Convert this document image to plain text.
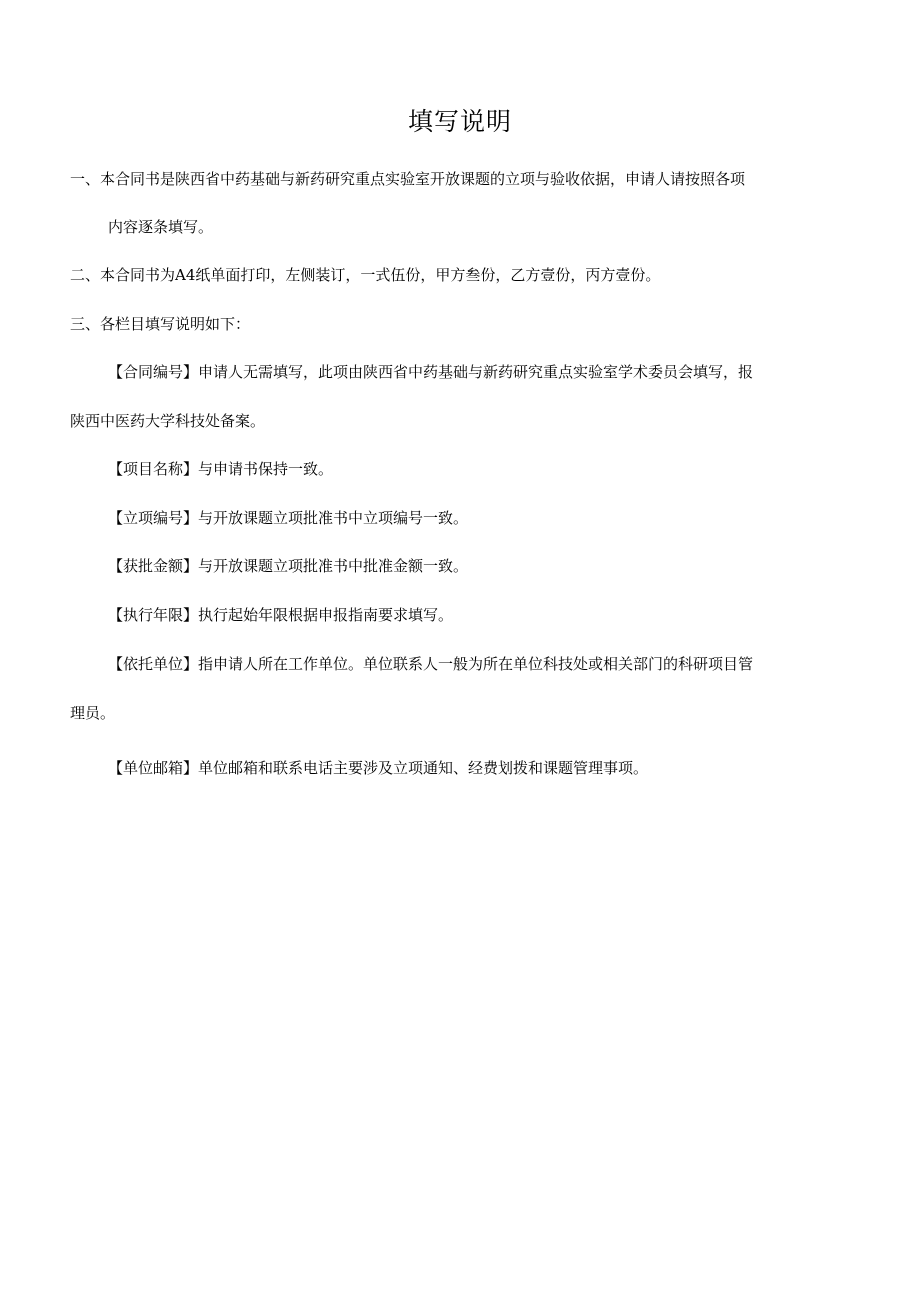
填写说明
一、本合同书是陕西省中药基础与新药研究重点实验室开放课题的立项与验收依据，申请人请按照各项
内容逐条填写。
二、本合同书为A4纸单面打印，左侧装订，一式伍份，甲方叁份，乙方壹份，丙方壹份。
三、各栏目填写说明如下：
【合同编号】申请人无需填写，此项由陕西省中药基础与新药研究重点实验室学术委员会填写，报
陕西中医药大学科技处备案。
【项目名称】与申请书保持一致。
【立项编号】与开放课题立项批准书中立项编号一致。
【获批金额】与开放课题立项批准书中批准金额一致。
【执行年限】执行起始年限根据申报指南要求填写。
【依托单位】指申请人所在工作单位。单位联系人一般为所在单位科技处或相关部门的科研项目管
理员。
【单位邮箱】单位邮箱和联系电话主要涉及立项通知、经费划拨和课题管理事项。
